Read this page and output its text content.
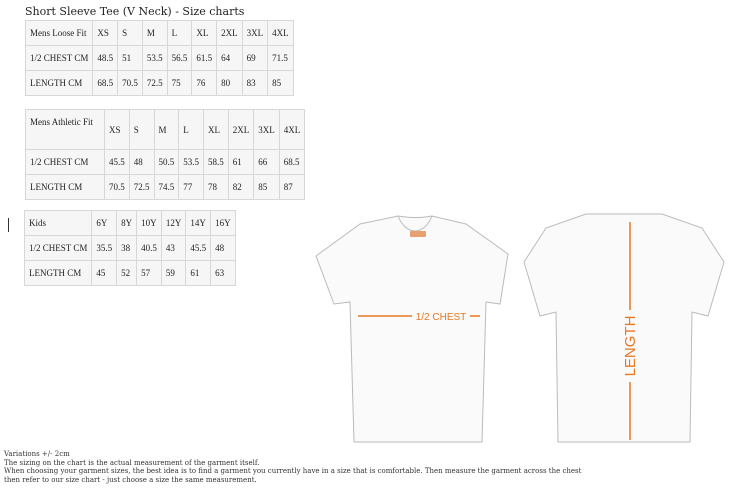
Short Sleeve Tee (V Neck) - Size charts
Mens Loose Fit	XS	S	M	L	XL	2XL	3XL	4XL
1/2 CHEST CM	48.5	51	53.5	56.5	61.5	64	69	71.5
LENGTH CM	68.5	70.5	72.5	75	76	80	83	85
Mens Athletic Fit	XS	S	M	L	XL	2XL	3XL	4XL
1/2 CHEST CM	45.5	48	50.5	53.5	58.5	61	66	68.5
LENGTH CM	70.5	72.5	74.5	77	78	82	85	87
Kids	6Y	8Y	10Y	12Y	14Y	16Y
1/2 CHEST CM	35.5	38	40.5	43	45.5	48
LENGTH CM	45	52	57	59	61	63
1/2 CHEST	LENGTH
Variations +/- 2cm
The sizing on the chart is the actual measurement of the garment itself.
When choosing your garment sizes, the best idea is to find a garment you currently have in a size that is comfortable. Then measure the garment across the chest
then refer to our size chart - just choose a size the same measurement.
